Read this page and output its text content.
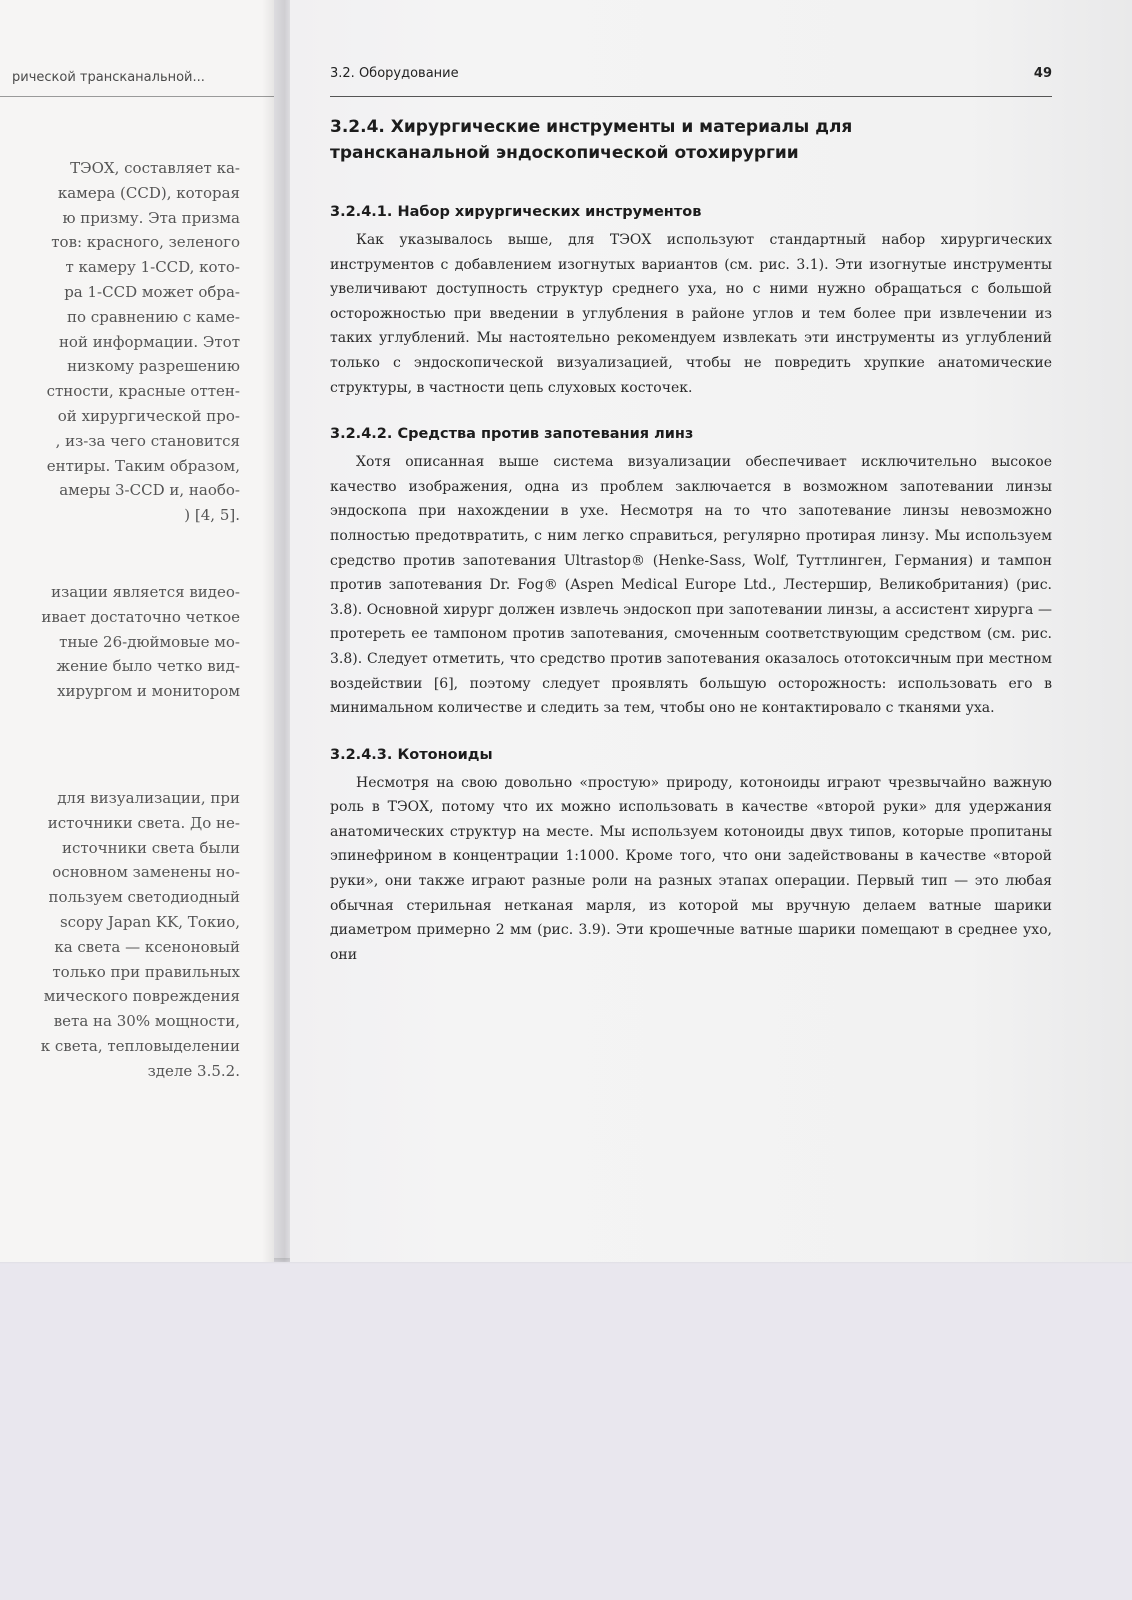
рической трансканальной...
ТЭОХ, составляет ка-
камера (CCD), которая
ю призму. Эта призма
тов: красного, зеленого
т камеру 1-CCD, кото-
ра 1-CCD может обра-
по сравнению с каме-
ной информации. Этот
низкому разрешению
стности, красные оттен-
ой хирургической про-
, из-за чего становится
ентиры. Таким образом,
амеры 3-CCD и, наобо-
) [4, 5].
изации является видео-
ивает достаточно четкое
тные 26-дюймовые мо-
жение было четко вид-
хирургом и монитором
для визуализации, при
источники света. До не-
источники света были
основном заменены но-
пользуем светодиодный
scopy Japan KK, Токио,
ка света — ксеноновый
только при правильных
мического повреждения
вета на 30% мощности,
к света, тепловыделении
зделе 3.5.2.
3.2. Оборудование	49
3.2.4. Хирургические инструменты и материалы для трансканальной эндоскопической отохирургии
3.2.4.1. Набор хирургических инструментов

Как указывалось выше, для ТЭОХ используют стандартный набор хирургических инструментов с добавлением изогнутых вариантов (см. рис. 3.1). Эти изогнутые инструменты увеличивают доступность структур среднего уха, но с ними нужно обращаться с большой осторожностью при введении в углубления в районе углов и тем более при извлечении из таких углублений. Мы настоятельно рекомендуем извлекать эти инструменты из углублений только с эндоскопической визуализацией, чтобы не повредить хрупкие анатомические структуры, в частности цепь слуховых косточек.

3.2.4.2. Средства против запотевания линз

Хотя описанная выше система визуализации обеспечивает исключительно высокое качество изображения, одна из проблем заключается в возможном запотевании линзы эндоскопа при нахождении в ухе. Несмотря на то что запотевание линзы невозможно полностью предотвратить, с ним легко справиться, регулярно протирая линзу. Мы используем средство против запотевания Ultrastop® (Henke-Sass, Wolf, Туттлинген, Германия) и тампон против запотевания Dr. Fog® (Aspen Medical Europe Ltd., Лестершир, Великобритания) (рис. 3.8). Основной хирург должен извлечь эндоскоп при запотевании линзы, а ассистент хирурга — протереть ее тампоном против запотевания, смоченным соответствующим средством (см. рис. 3.8). Следует отметить, что средство против запотевания оказалось ототоксичным при местном воздействии [6], поэтому следует проявлять большую осторожность: использовать его в минимальном количестве и следить за тем, чтобы оно не контактировало с тканями уха.

3.2.4.3. Котоноиды

Несмотря на свою довольно «простую» природу, котоноиды играют чрезвычайно важную роль в ТЭОХ, потому что их можно использовать в качестве «второй руки» для удержания анатомических структур на месте. Мы используем котоноиды двух типов, которые пропитаны эпинефрином в концентрации 1:1000. Кроме того, что они задействованы в качестве «второй руки», они также играют разные роли на разных этапах операции. Первый тип — это любая обычная стерильная нетканая марля, из которой мы вручную делаем ватные шарики диаметром примерно 2 мм (рис. 3.9). Эти крошечные ватные шарики помещают в среднее ухо, они
